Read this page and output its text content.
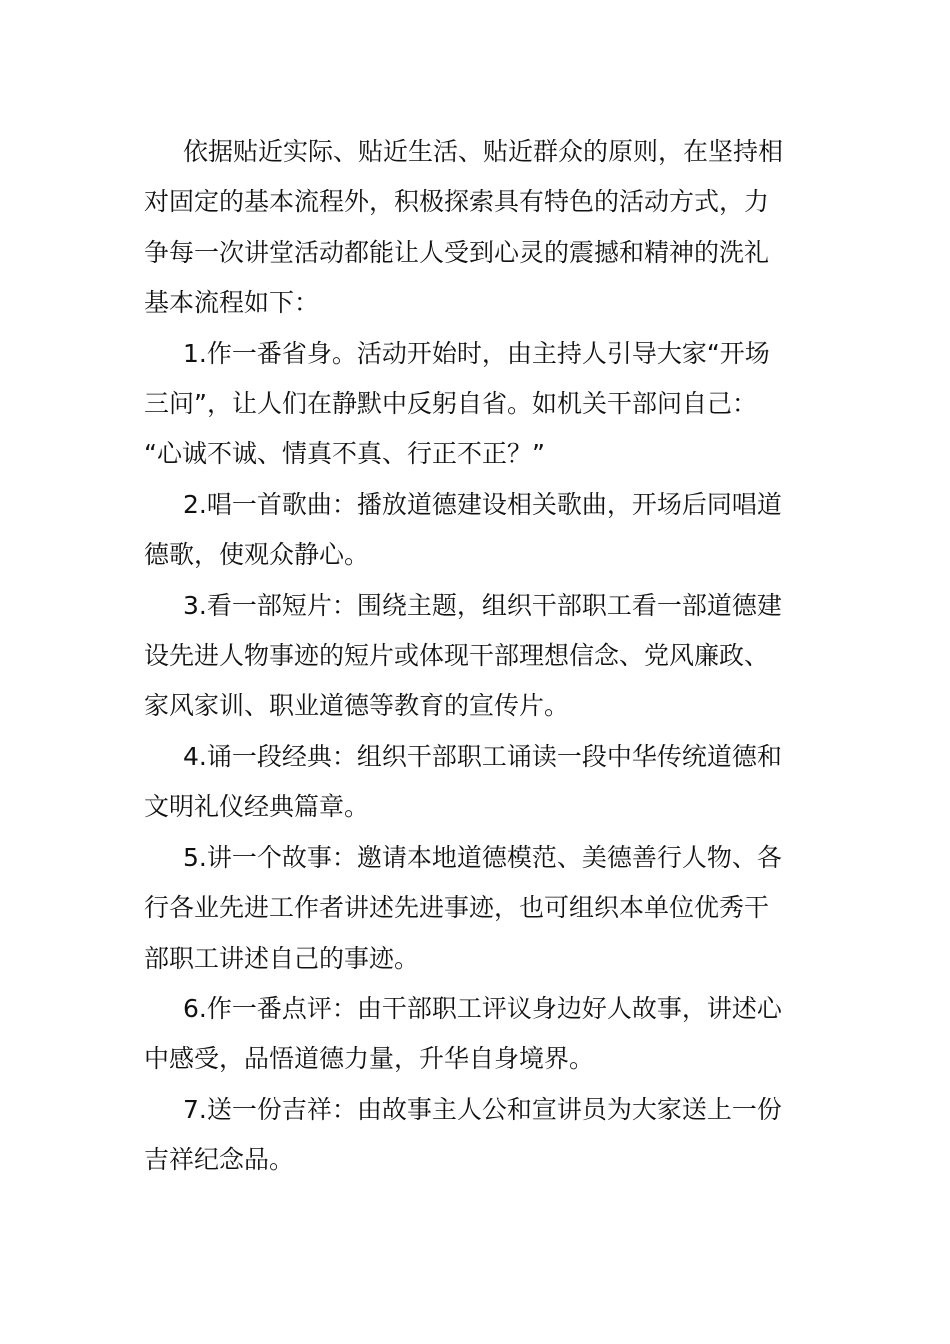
依据贴近实际、贴近生活、贴近群众的原则，在坚持相
对固定的基本流程外，积极探索具有特色的活动方式，力
争每一次讲堂活动都能让人受到心灵的震撼和精神的洗礼
基本流程如下：

1.作一番省身。活动开始时，由主持人引导大家“开场
三问”，让人们在静默中反躬自省。如机关干部问自己：
“心诚不诚、情真不真、行正不正？”

2.唱一首歌曲：播放道德建设相关歌曲，开场后同唱道
德歌，使观众静心。

3.看一部短片：围绕主题，组织干部职工看一部道德建
设先进人物事迹的短片或体现干部理想信念、党风廉政、
家风家训、职业道德等教育的宣传片。

4.诵一段经典：组织干部职工诵读一段中华传统道德和
文明礼仪经典篇章。

5.讲一个故事：邀请本地道德模范、美德善行人物、各
行各业先进工作者讲述先进事迹，也可组织本单位优秀干
部职工讲述自己的事迹。

6.作一番点评：由干部职工评议身边好人故事，讲述心
中感受，品悟道德力量，升华自身境界。

7.送一份吉祥：由故事主人公和宣讲员为大家送上一份
吉祥纪念品。
